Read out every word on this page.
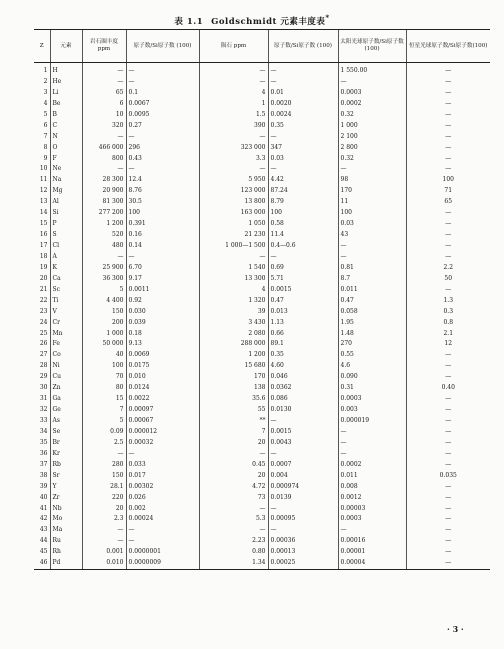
表 1.1 Goldschmidt 元素丰度表*
Z	元素	岩石圈丰度 ppm	原子数/Si原子数 (100)	陨石 ppm	原子数/Si原子数 (100)	太阳光球原子数/Si原子数(100)	恒星光球原子数/Si原子数(100)
1	H	—	—	—	—	1 550.00	—
2	He	—	—	—	—	—	—
3	Li	65	0.1	4	0.01	0.0003	—
4	Be	6	0.0067	1	0.0020	0.0002	—
5	B	10	0.0095	1.5	0.0024	0.32	—
6	C	320	0.27	390	0.35	1 000	—
7	N	—	—	—	—	2 100	—
8	O	466 000	296	323 000	347	2 800	—
9	F	800	0.43	3.3	0.03	0.32	—
10	Ne	—	—	—	—	—	—
11	Na	28 300	12.4	5 950	4.42	98	100
12	Mg	20 900	8.76	123 000	87.24	170	71
13	Al	81 300	30.5	13 800	8.79	11	65
14	Si	277 200	100	163 000	100	100	—
15	P	1 200	0.391	1 050	0.58	0.03	—
16	S	520	0.16	21 230	11.4	43	—
17	Cl	480	0.14	1 000—1 500	0.4—0.6	—	—
18	A	—	—	—	—	—	—
19	K	25 900	6.70	1 540	0.69	0.81	2.2
20	Ca	36 300	9.17	13 300	5.71	8.7	50
21	Sc	5	0.0011	4	0.0015	0.011	—
22	Ti	4 400	0.92	1 320	0.47	0.47	1.3
23	V	150	0.030	39	0.013	0.058	0.3
24	Cr	200	0.039	3 430	1.13	1.95	0.8
25	Mn	1 000	0.18	2 080	0.66	1.48	2.1
26	Fe	50 000	9.13	288 000	89.1	270	12
27	Co	40	0.0069	1 200	0.35	0.55	—
28	Ni	100	0.0175	15 680	4.60	4.6	—
29	Cu	70	0.010	170	0.046	0.090	—
30	Zn	80	0.0124	138	0.0362	0.31	0.40
31	Ga	15	0.0022	35.6	0.086	0.0003	—
32	Ge	7	0.00097	55	0.0130	0.003	—
33	As	5	0.00067	**	—	0.000019	—
34	Se	0.09	0.000012	7	0.0015	—	—
35	Br	2.5	0.00032	20	0.0043	—	—
36	Kr	—	—	—	—	—	—
37	Rb	280	0.033	0.45	0.0007	0.0002	—
38	Sr	150	0.017	20	0.004	0.011	0.035
39	Y	28.1	0.00302	4.72	0.000974	0.008	—
40	Zr	220	0.026	73	0.0139	0.0012	—
41	Nb	20	0.002	—	—	0.00003	—
42	Mo	2.3	0.00024	5.3	0.00095	0.0003	—
43	Ma	—	—	—	—	—	—
44	Ru	—	—	2.23	0.00036	0.00016	—
45	Rh	0.001	0.0000001	0.80	0.00013	0.00001	—
46	Pd	0.010	0.0000009	1.34	0.00025	0.00004	—
· 3 ·
